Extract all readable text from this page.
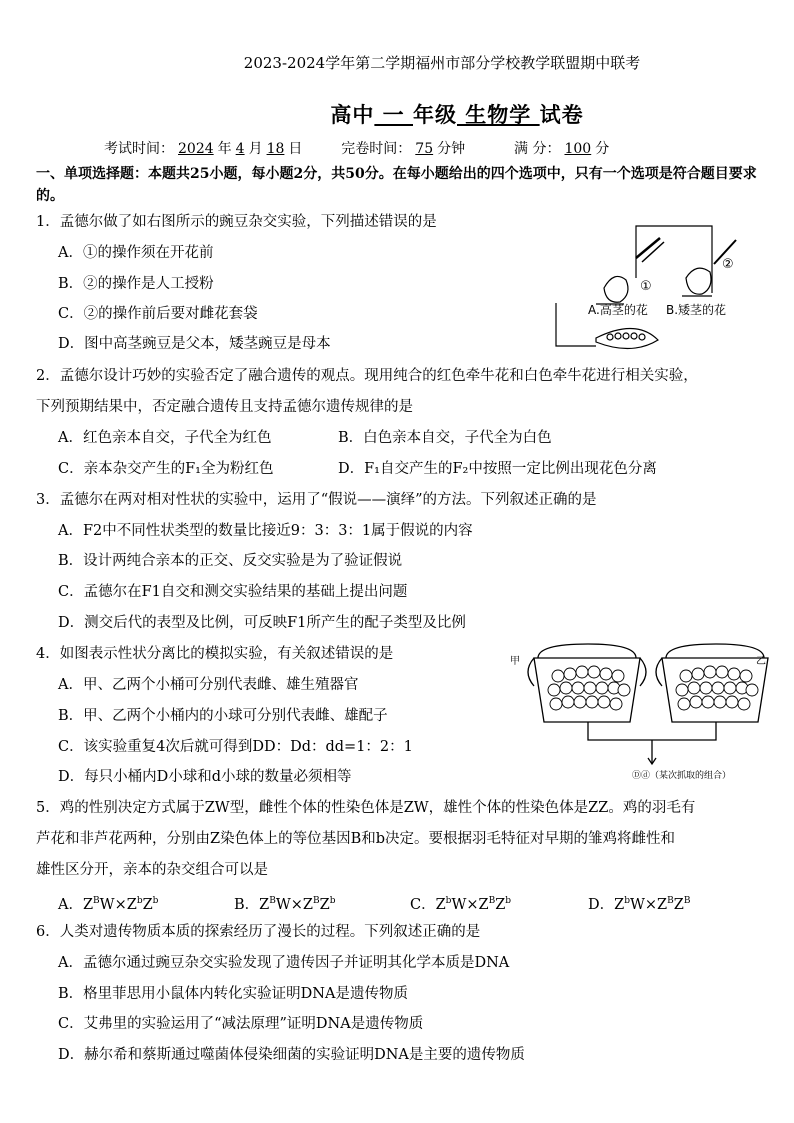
2023-2024学年第二学期福州市部分学校教学联盟期中联考
高中 一 年级 生物学 试卷
考试时间： 2024 年 4 月 18 日	完卷时间： 75 分钟	满 分： 100 分
一、单项选择题：本题共25小题，每小题2分，共50分。在每小题给出的四个选项中，只有一个选项是符合题目要求的。
1．孟德尔做了如右图所示的豌豆杂交实验，下列描述错误的是
A．①的操作须在开花前
B．②的操作是人工授粉
C．②的操作前后要对雌花套袋
D．图中高茎豌豆是父本，矮茎豌豆是母本
①
②
A.高茎的花 B.矮茎的花
2．孟德尔设计巧妙的实验否定了融合遗传的观点。现用纯合的红色牵牛花和白色牵牛花进行相关实验，
下列预期结果中，否定融合遗传且支持孟德尔遗传规律的是
A．红色亲本自交，子代全为红色	B．白色亲本自交，子代全为白色
C．亲本杂交产生的F₁全为粉红色	D．F₁自交产生的F₂中按照一定比例出现花色分离
3．孟德尔在两对相对性状的实验中，运用了“假说——演绎”的方法。下列叙述正确的是
A．F2中不同性状类型的数量比接近9：3：3：1属于假说的内容
B．设计两纯合亲本的正交、反交实验是为了验证假说
C．孟德尔在F1自交和测交实验结果的基础上提出问题
D．测交后代的表型及比例，可反映F1所产生的配子类型及比例
4．如图表示性状分离比的模拟实验，有关叙述错误的是
A．甲、乙两个小桶可分别代表雌、雄生殖器官
B．甲、乙两个小桶内的小球可分别代表雌、雄配子
C．该实验重复4次后就可得到DD：Dd：dd=1：2：1
D．每只小桶内D小球和d小球的数量必须相等
甲	乙
Ⓓⓓ（某次抓取的组合）
5．鸡的性别决定方式属于ZW型，雌性个体的性染色体是ZW，雄性个体的性染色体是ZZ。鸡的羽毛有
芦花和非芦花两种，分别由Z染色体上的等位基因B和b决定。要根据羽毛特征对早期的雏鸡将雌性和
雄性区分开，亲本的杂交组合可以是
A．$Z^BW\times Z^bZ^b$	B．$Z^BW\times Z^BZ^b$	C．$Z^bW\times Z^BZ^b$	D．$Z^bW\times Z^BZ^B$
6．人类对遗传物质本质的探索经历了漫长的过程。下列叙述正确的是
A．孟德尔通过豌豆杂交实验发现了遗传因子并证明其化学本质是DNA
B．格里菲思用小鼠体内转化实验证明DNA是遗传物质
C．艾弗里的实验运用了“减法原理”证明DNA是遗传物质
D．赫尔希和蔡斯通过噬菌体侵染细菌的实验证明DNA是主要的遗传物质
